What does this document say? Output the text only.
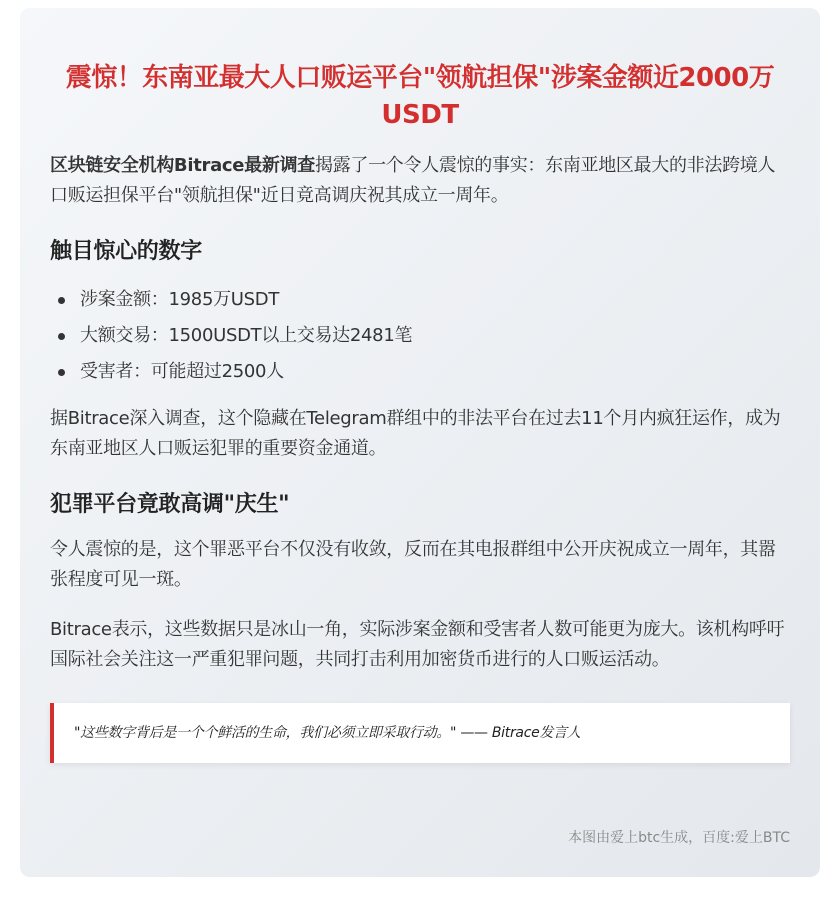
震惊！东南亚最大人口贩运平台"领航担保"涉案金额近2000万USDT

区块链安全机构Bitrace最新调查揭露了一个令人震惊的事实：东南亚地区最大的非法跨境人口贩运担保平台"领航担保"近日竟高调庆祝其成立一周年。

触目惊心的数字
涉案金额：1985万USDT
大额交易：1500USDT以上交易达2481笔
受害者：可能超过2500人

据Bitrace深入调查，这个隐藏在Telegram群组中的非法平台在过去11个月内疯狂运作，成为东南亚地区人口贩运犯罪的重要资金通道。

犯罪平台竟敢高调"庆生"

令人震惊的是，这个罪恶平台不仅没有收敛，反而在其电报群组中公开庆祝成立一周年，其嚣张程度可见一斑。

Bitrace表示，这些数据只是冰山一角，实际涉案金额和受害者人数可能更为庞大。该机构呼吁国际社会关注这一严重犯罪问题，共同打击利用加密货币进行的人口贩运活动。

"这些数字背后是一个个鲜活的生命，我们必须立即采取行动。" —— Bitrace发言人
本图由爱上btc生成，百度:爱上BTC
